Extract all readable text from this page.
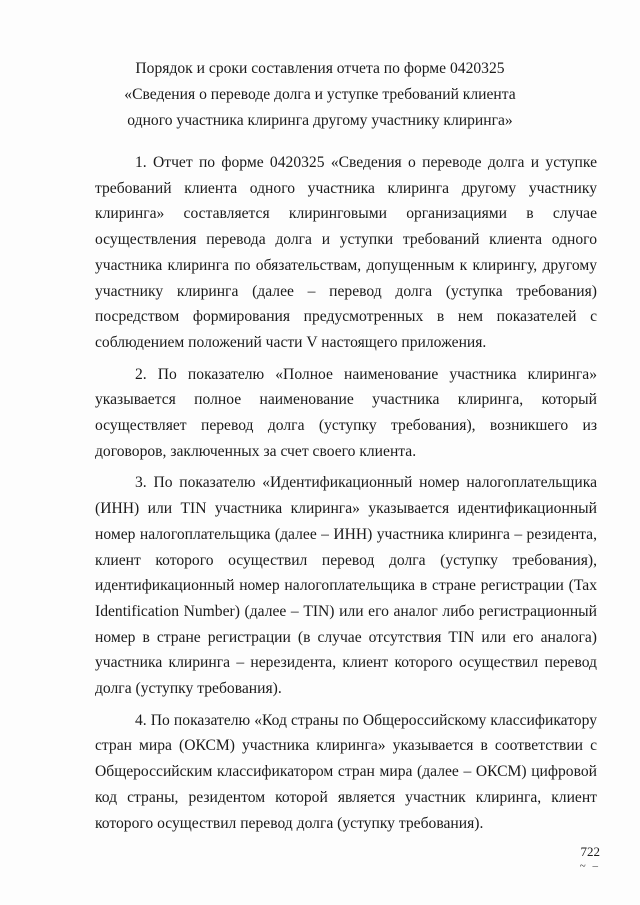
Порядок и сроки составления отчета по форме 0420325
«Сведения о переводе долга и уступке требований клиента
одного участника клиринга другому участнику клиринга»

1. Отчет по форме 0420325 «Сведения о переводе долга и уступке требований клиента одного участника клиринга другому участнику клиринга» составляется клиринговыми организациями в случае осуществления перевода долга и уступки требований клиента одного участника клиринга по обязательствам, допущенным к клирингу, другому участнику клиринга (далее – перевод долга (уступка требования) посредством формирования предусмотренных в нем показателей с соблюдением положений части V настоящего приложения.

2. По показателю «Полное наименование участника клиринга» указывается полное наименование участника клиринга, который осуществляет перевод долга (уступку требования), возникшего из договоров, заключенных за счет своего клиента.

3. По показателю «Идентификационный номер налогоплательщика (ИНН) или TIN участника клиринга» указывается идентификационный номер налогоплательщика (далее – ИНН) участника клиринга – резидента, клиент которого осуществил перевод долга (уступку требования), идентификационный номер налогоплательщика в стране регистрации (Tax Identification Number) (далее – TIN) или его аналог либо регистрационный номер в стране регистрации (в случае отсутствия TIN или его аналога) участника клиринга – нерезидента, клиент которого осуществил перевод долга (уступку требования).

4. По показателю «Код страны по Общероссийскому классификатору стран мира (ОКСМ) участника клиринга» указывается в соответствии с Общероссийским классификатором стран мира (далее – ОКСМ) цифровой код страны, резидентом которой является участник клиринга, клиент которого осуществил перевод долга (уступку требования).

722
~ –
